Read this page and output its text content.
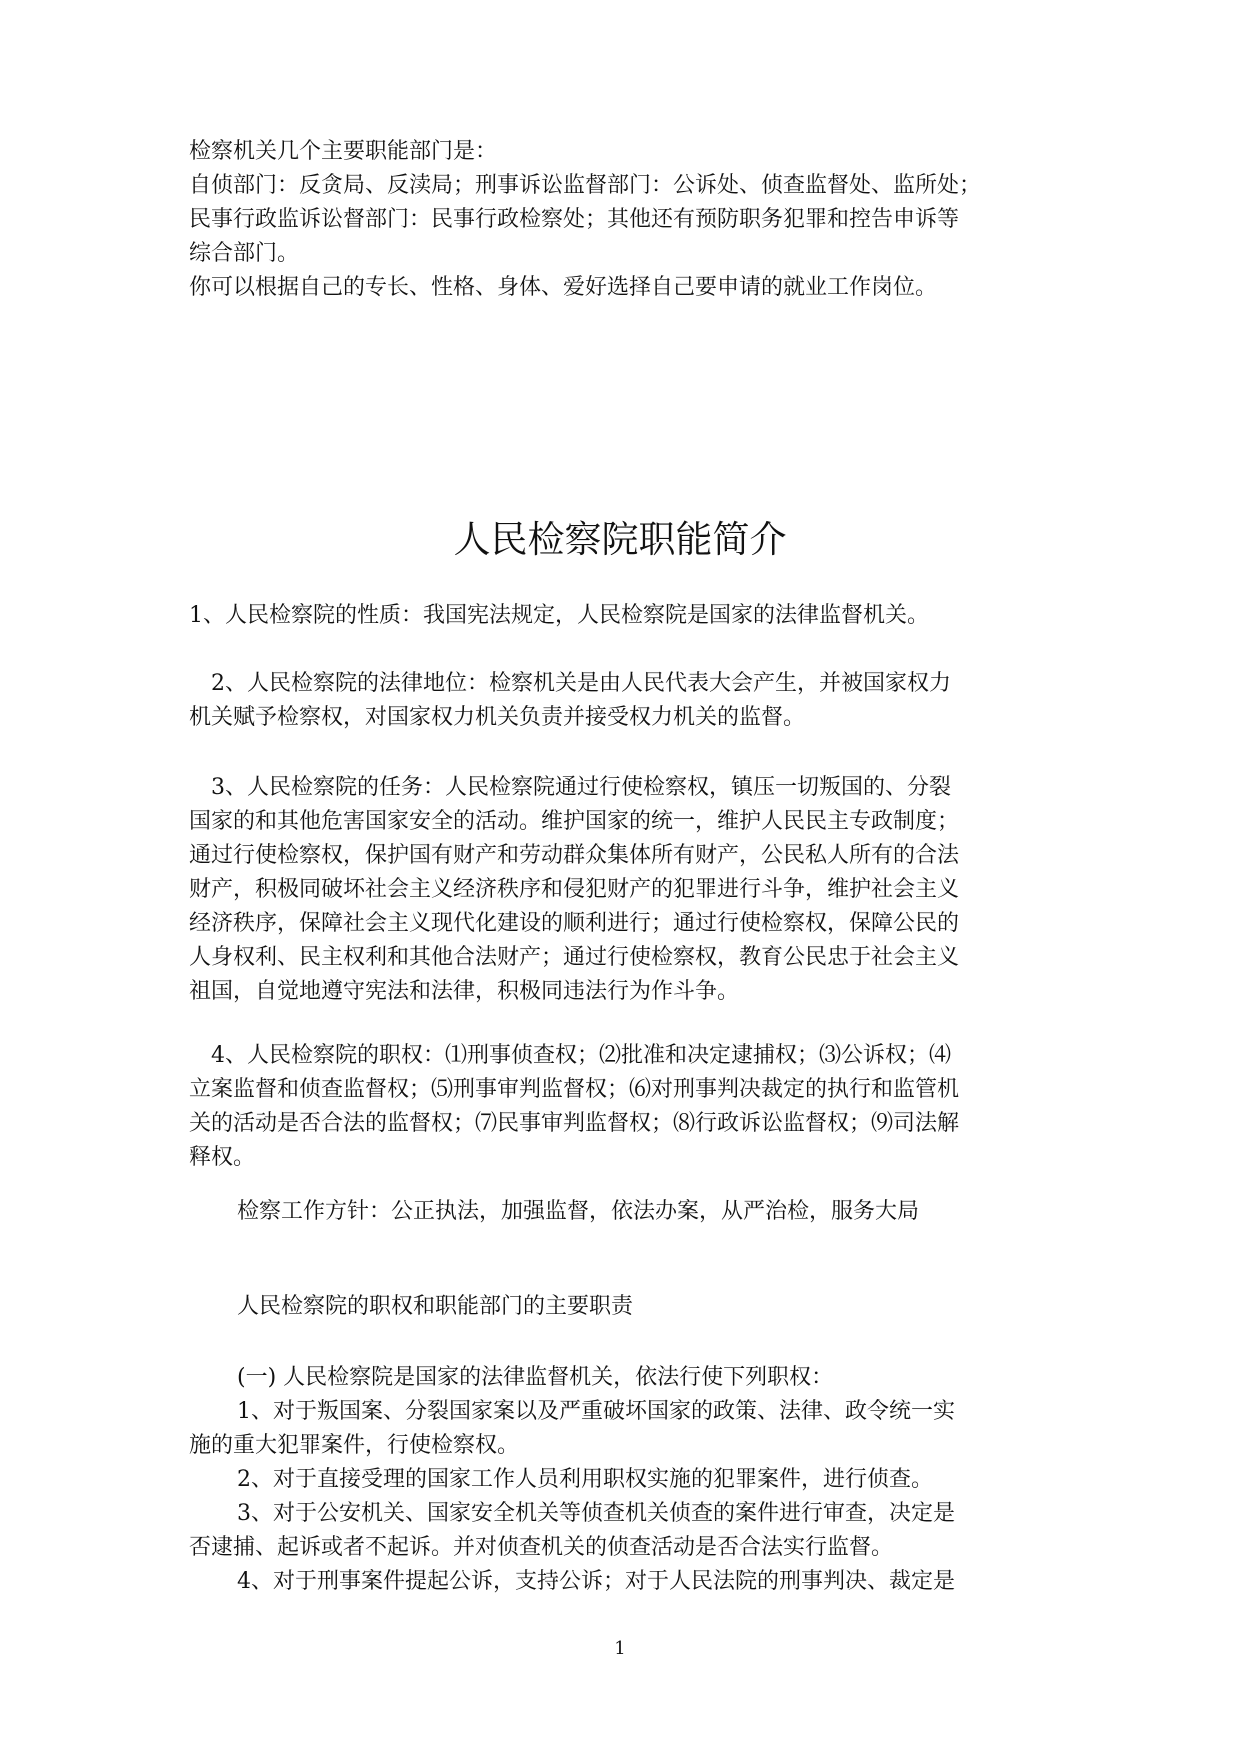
检察机关几个主要职能部门是：
自侦部门：反贪局、反渎局；刑事诉讼监督部门：公诉处、侦查监督处、监所处；
民事行政监诉讼督部门：民事行政检察处；其他还有预防职务犯罪和控告申诉等
综合部门。
你可以根据自己的专长、性格、身体、爱好选择自己要申请的就业工作岗位。
人民检察院职能简介
1、人民检察院的性质：我国宪法规定，人民检察院是国家的法律监督机关。
2、人民检察院的法律地位：检察机关是由人民代表大会产生，并被国家权力
机关赋予检察权，对国家权力机关负责并接受权力机关的监督。
3、人民检察院的任务：人民检察院通过行使检察权，镇压一切叛国的、分裂
国家的和其他危害国家安全的活动。维护国家的统一，维护人民民主专政制度；
通过行使检察权，保护国有财产和劳动群众集体所有财产，公民私人所有的合法
财产，积极同破坏社会主义经济秩序和侵犯财产的犯罪进行斗争，维护社会主义
经济秩序，保障社会主义现代化建设的顺利进行；通过行使检察权，保障公民的
人身权利、民主权利和其他合法财产；通过行使检察权，教育公民忠于社会主义
祖国，自觉地遵守宪法和法律，积极同违法行为作斗争。
4、人民检察院的职权：⑴刑事侦查权；⑵批准和决定逮捕权；⑶公诉权；⑷
立案监督和侦查监督权；⑸刑事审判监督权；⑹对刑事判决裁定的执行和监管机
关的活动是否合法的监督权；⑺民事审判监督权；⑻行政诉讼监督权；⑼司法解
释权。
检察工作方针：公正执法，加强监督，依法办案，从严治检，服务大局
人民检察院的职权和职能部门的主要职责
(一) 人民检察院是国家的法律监督机关，依法行使下列职权：
1、对于叛国案、分裂国家案以及严重破坏国家的政策、法律、政令统一实
施的重大犯罪案件，行使检察权。
2、对于直接受理的国家工作人员利用职权实施的犯罪案件，进行侦查。
3、对于公安机关、国家安全机关等侦查机关侦查的案件进行审查，决定是
否逮捕、起诉或者不起诉。并对侦查机关的侦查活动是否合法实行监督。
4、对于刑事案件提起公诉，支持公诉；对于人民法院的刑事判决、裁定是
1
